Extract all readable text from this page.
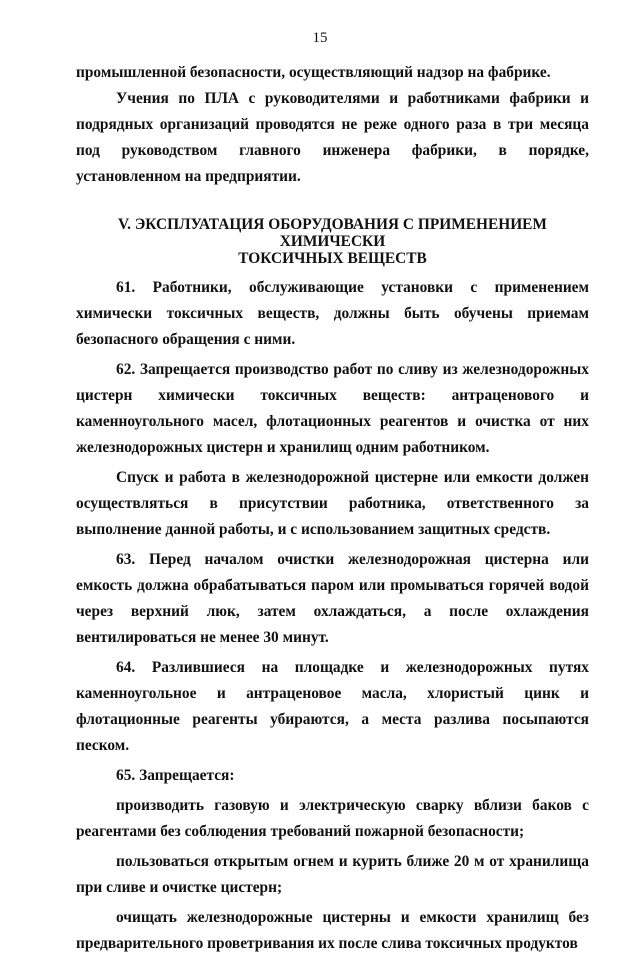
15

промышленной безопасности, осуществляющий надзор на фабрике.

Учения по ПЛА с руководителями и работниками фабрики и подрядных организаций проводятся не реже одного раза в три месяца под руководством главного инженера фабрики, в порядке, установленном на предприятии.

V. ЭКСПЛУАТАЦИЯ ОБОРУДОВАНИЯ С ПРИМЕНЕНИЕМ ХИМИЧЕСКИ
ТОКСИЧНЫХ ВЕЩЕСТВ

61. Работники, обслуживающие установки с применением химически токсичных веществ, должны быть обучены приемам безопасного обращения с ними.

62. Запрещается производство работ по сливу из железнодорожных цистерн химически токсичных веществ: антраценового и каменноугольного масел, флотационных реагентов и очистка от них железнодорожных цистерн и хранилищ одним работником.

Спуск и работа в железнодорожной цистерне или емкости должен осуществляться в присутствии работника, ответственного за выполнение данной работы, и с использованием защитных средств.

63. Перед началом очистки железнодорожная цистерна или емкость должна обрабатываться паром или промываться горячей водой через верхний люк, затем охлаждаться, а после охлаждения вентилироваться не менее 30 минут.

64. Разлившиеся на площадке и железнодорожных путях каменноугольное и антраценовое масла, хлористый цинк и флотационные реагенты убираются, а места разлива посыпаются песком.

65. Запрещается:

производить газовую и электрическую сварку вблизи баков с реагентами без соблюдения требований пожарной безопасности;

пользоваться открытым огнем и курить ближе 20 м от хранилища при сливе и очистке цистерн;

очищать железнодорожные цистерны и емкости хранилищ без предварительного проветривания их после слива токсичных продуктов
